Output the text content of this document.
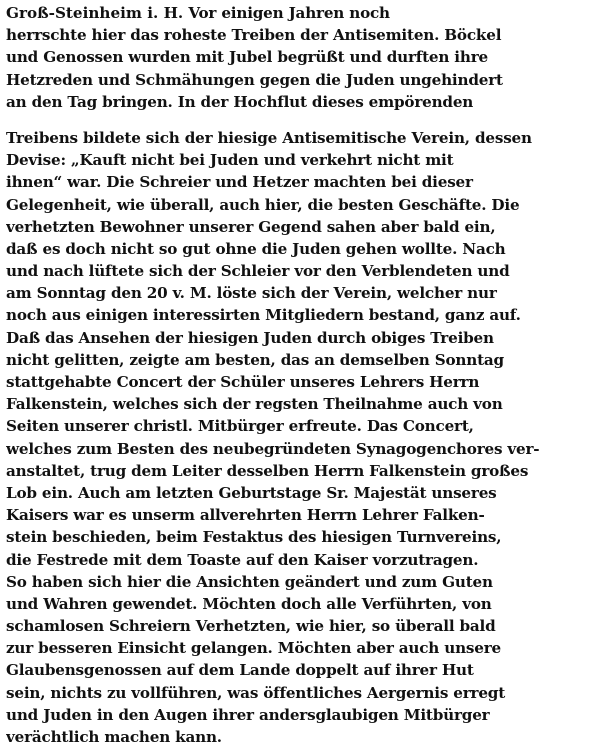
Groß-Steinheim i. H. Vor einigen Jahren noch
herrschte hier das roheste Treiben der Antisemiten. Böckel
und Genossen wurden mit Jubel begrüßt und durften ihre
Hetzreden und Schmähungen gegen die Juden ungehindert
an den Tag bringen. In der Hochflut dieses empörenden
Treibens bildete sich der hiesige Antisemitische Verein, dessen
Devise: „Kauft nicht bei Juden und verkehrt nicht mit
ihnen“ war. Die Schreier und Hetzer machten bei dieser
Gelegenheit, wie überall, auch hier, die besten Geschäfte. Die
verhetzten Bewohner unserer Gegend sahen aber bald ein,
daß es doch nicht so gut ohne die Juden gehen wollte. Nach
und nach lüftete sich der Schleier vor den Verblendeten und
am Sonntag den 20 v. M. löste sich der Verein, welcher nur
noch aus einigen interessirten Mitgliedern bestand, ganz auf.
Daß das Ansehen der hiesigen Juden durch obiges Treiben
nicht gelitten, zeigte am besten, das an demselben Sonntag
stattgehabte Concert der Schüler unseres Lehrers Herrn
Falkenstein, welches sich der regsten Theilnahme auch von
Seiten unserer christl. Mitbürger erfreute. Das Concert,
welches zum Besten des neubegründeten Synagogenchores ver-
anstaltet, trug dem Leiter desselben Herrn Falkenstein großes
Lob ein. Auch am letzten Geburtstage Sr. Majestät unseres
Kaisers war es unserm allverehrten Herrn Lehrer Falken-
stein beschieden, beim Festaktus des hiesigen Turnvereins,
die Festrede mit dem Toaste auf den Kaiser vorzutragen.
So haben sich hier die Ansichten geändert und zum Guten
und Wahren gewendet. Möchten doch alle Verführten, von
schamlosen Schreiern Verhetzten, wie hier, so überall bald
zur besseren Einsicht gelangen. Möchten aber auch unsere
Glaubensgenossen auf dem Lande doppelt auf ihrer Hut
sein, nichts zu vollführen, was öffentliches Aergernis erregt
und Juden in den Augen ihrer andersglaubigen Mitbürger
verächtlich machen kann.
